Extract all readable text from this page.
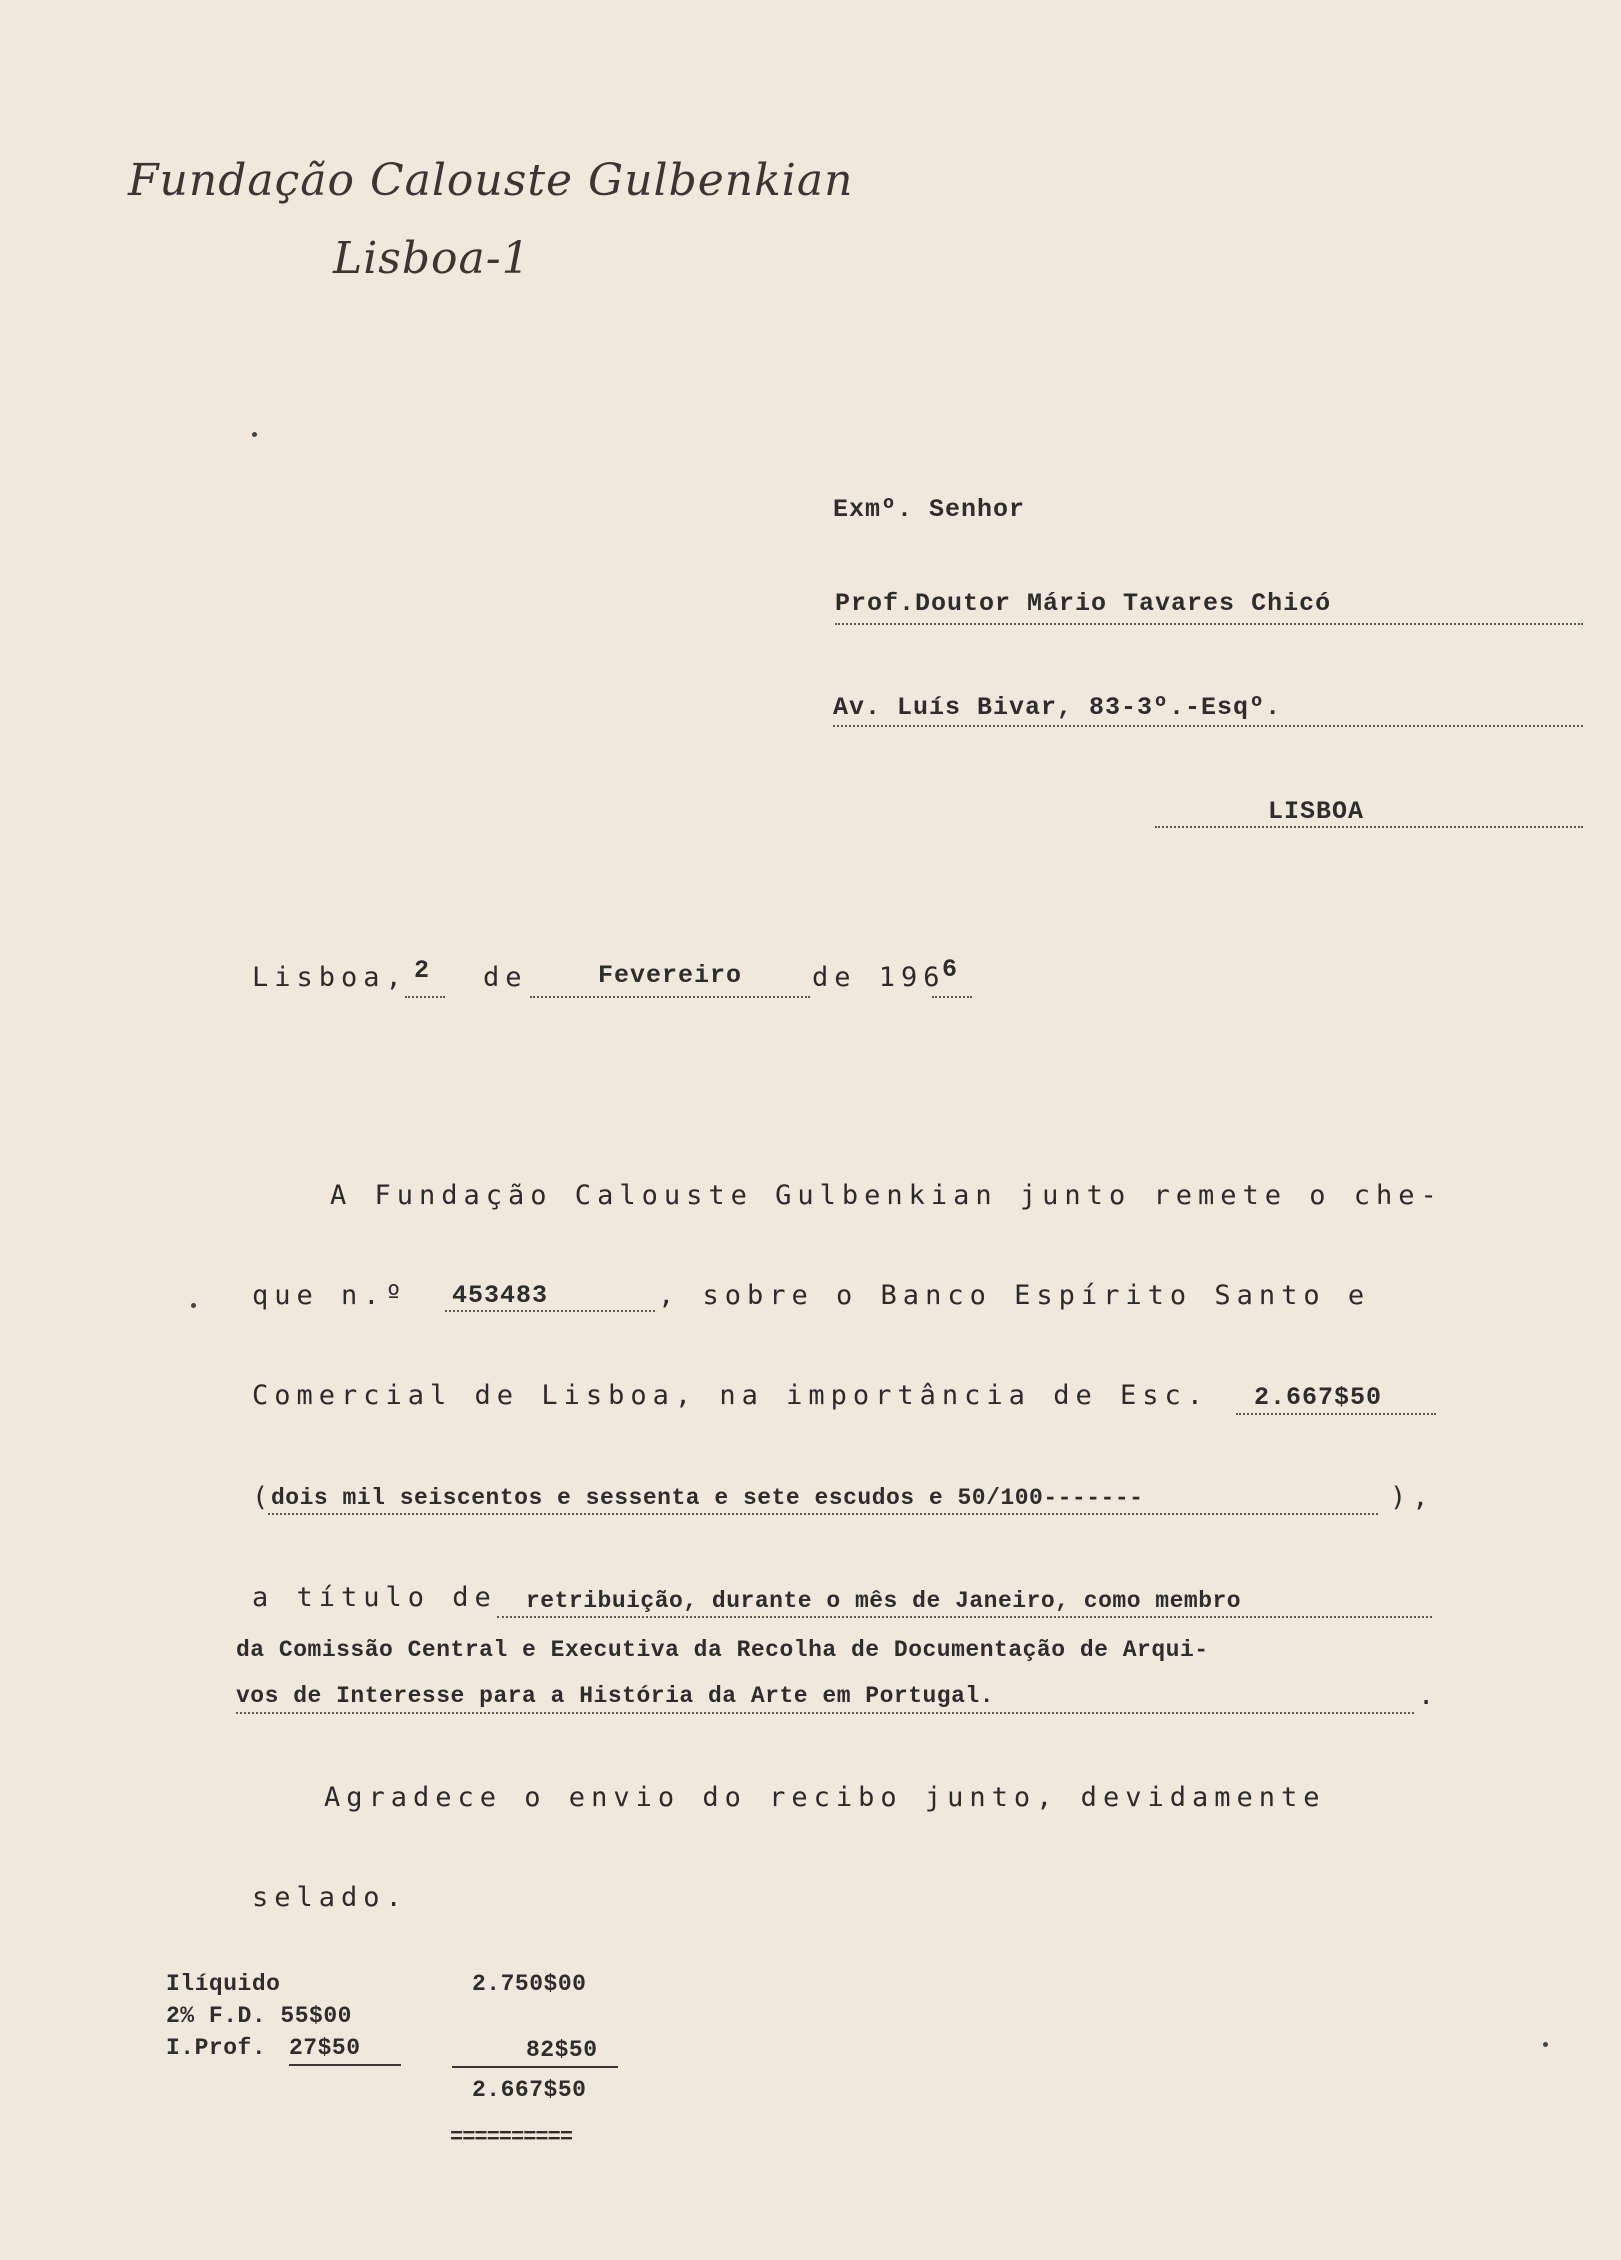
Fundação Calouste Gulbenkian
Lisboa-1
Exmº. Senhor
Prof.Doutor Mário Tavares Chicó
Av. Luís Bivar, 83-3º.-Esqº.
LISBOA
Lisboa, 2 de	Fevereiro	de 196
6
A Fundação Calouste Gulbenkian junto remete o che-
que n.º 453483	, sobre o Banco Espírito Santo e
Comercial de Lisboa, na importância de Esc. 2.667$50
(
dois mil seiscentos e sessenta e sete escudos e 50/100-------	),
a título de retribuição, durante o mês de Janeiro, como membro
da Comissão Central e Executiva da Recolha de Documentação de Arqui-
vos de Interesse para a História da Arte em Portugal.	.
Agradece o envio do recibo junto, devidamente
selado.
Ilíquido	2.750$00
2% F.D. 55$00
I.Prof. 27$50	82$50
2.667$50
==========
